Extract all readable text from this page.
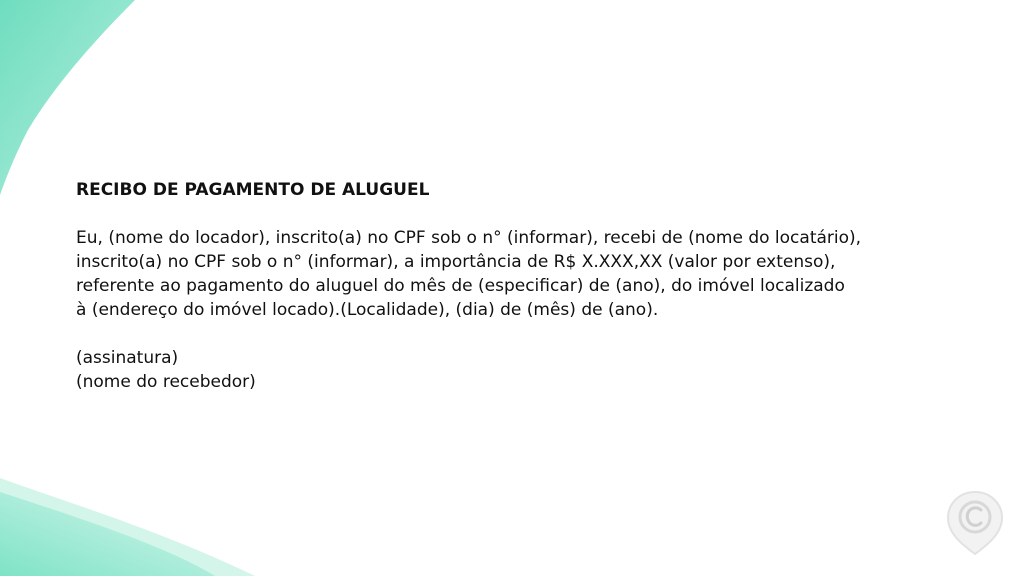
RECIBO DE PAGAMENTO DE ALUGUEL
Eu, (nome do locador), inscrito(a) no CPF sob o n° (informar), recebi de (nome do locatário),
inscrito(a) no CPF sob o n° (informar), a importância de R$ X.XXX,XX (valor por extenso),
referente ao pagamento do aluguel do mês de (especificar) de (ano), do imóvel localizado
à (endereço do imóvel locado).(Localidade), (dia) de (mês) de (ano).
(assinatura)
(nome do recebedor)
